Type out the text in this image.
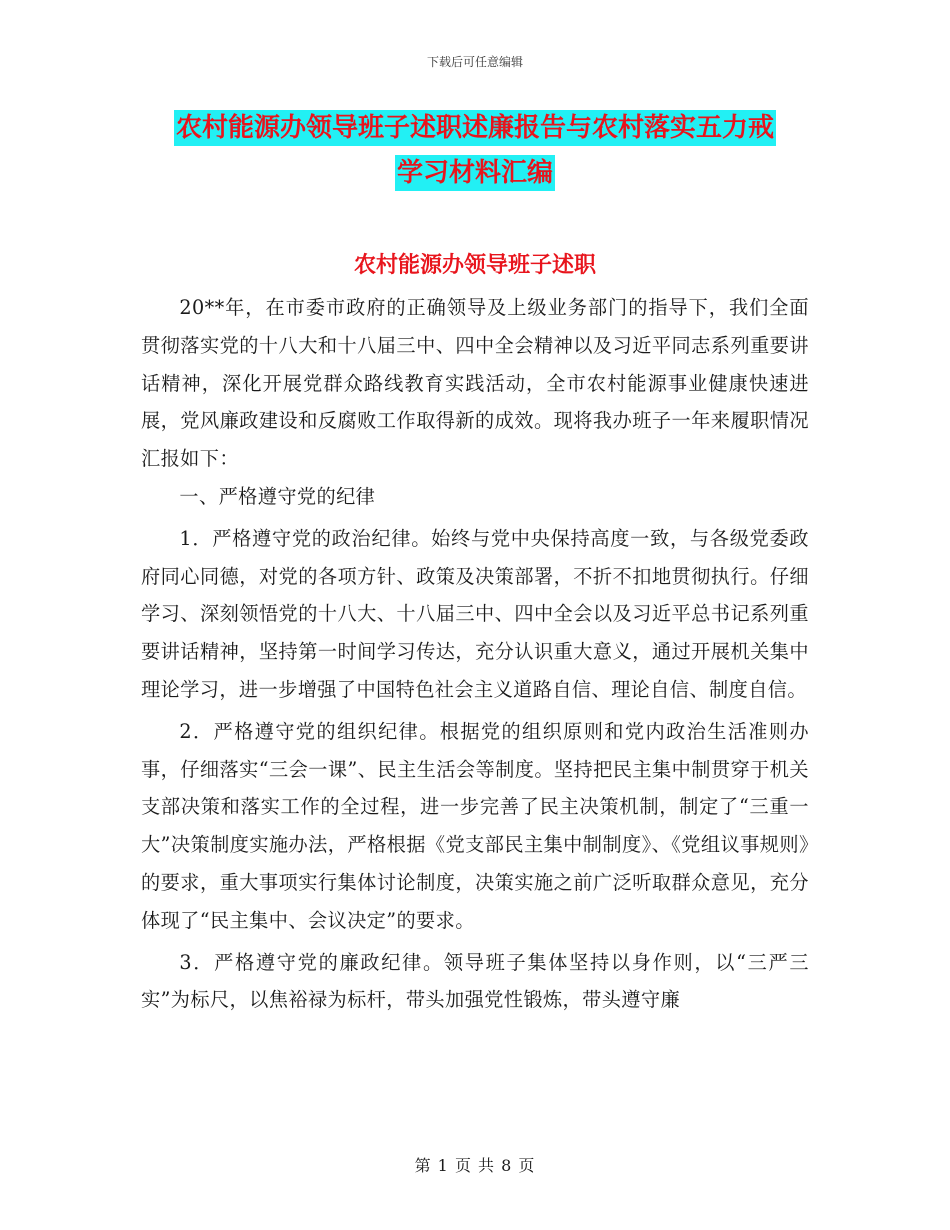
下载后可任意编辑
农村能源办领导班子述职述廉报告与农村落实五力戒
学习材料汇编
农村能源办领导班子述职

20**年，在市委市政府的正确领导及上级业务部门的指导下，我们全面贯彻落实党的十八大和十八届三中、四中全会精神以及习近平同志系列重要讲话精神，深化开展党群众路线教育实践活动，全市农村能源事业健康快速进展，党风廉政建设和反腐败工作取得新的成效。现将我办班子一年来履职情况汇报如下：

一、严格遵守党的纪律

1．严格遵守党的政治纪律。始终与党中央保持高度一致，与各级党委政府同心同德，对党的各项方针、政策及决策部署，不折不扣地贯彻执行。仔细学习、深刻领悟党的十八大、十八届三中、四中全会以及习近平总书记系列重要讲话精神，坚持第一时间学习传达，充分认识重大意义，通过开展机关集中理论学习，进一步增强了中国特色社会主义道路自信、理论自信、制度自信。

2．严格遵守党的组织纪律。根据党的组织原则和党内政治生活准则办事，仔细落实“三会一课”、民主生活会等制度。坚持把民主集中制贯穿于机关支部决策和落实工作的全过程，进一步完善了民主决策机制，制定了“三重一大”决策制度实施办法，严格根据《党支部民主集中制制度》、《党组议事规则》的要求，重大事项实行集体讨论制度，决策实施之前广泛听取群众意见，充分体现了“民主集中、会议决定”的要求。

3．严格遵守党的廉政纪律。领导班子集体坚持以身作则，以“三严三实”为标尺，以焦裕禄为标杆，带头加强党性锻炼，带头遵守廉

第 1 页 共 8 页
